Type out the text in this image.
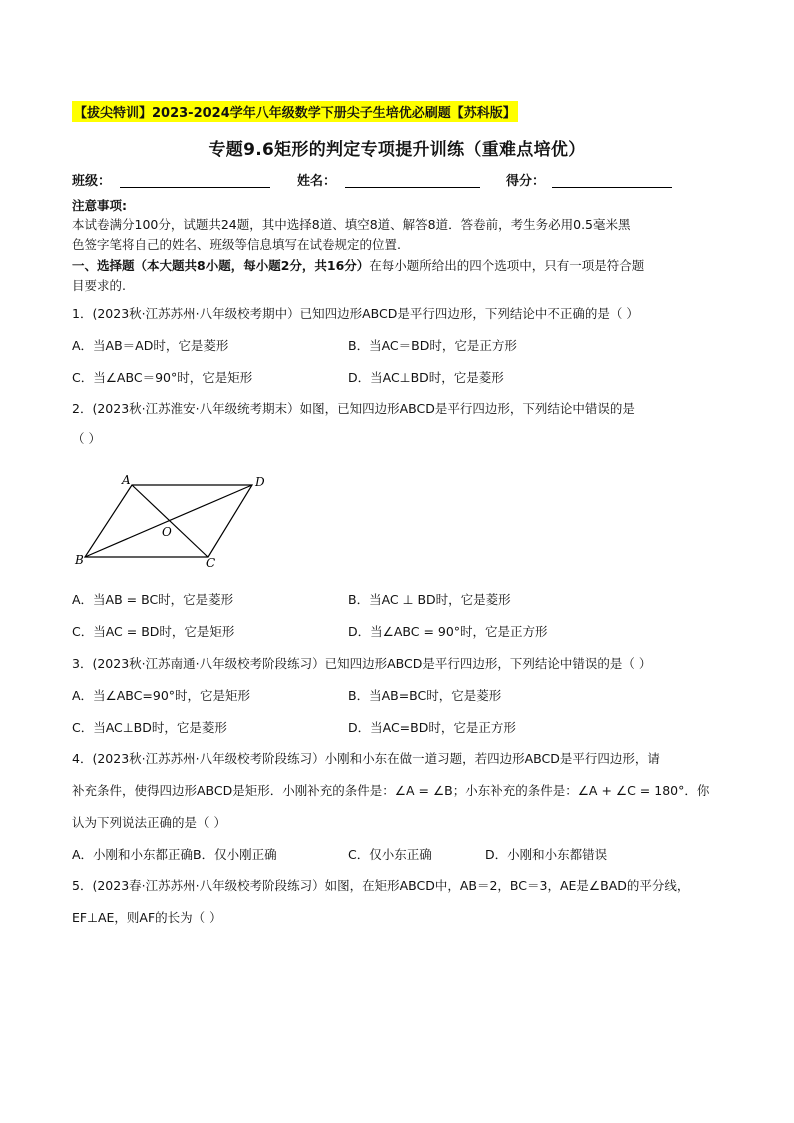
【拔尖特训】2023-2024学年八年级数学下册尖子生培优必刷题【苏科版】
专题9.6矩形的判定专项提升训练（重难点培优）
班级：	姓名：	得分：
注意事项:
本试卷满分100分，试题共24题，其中选择8道、填空8道、解答8道．答卷前，考生务必用0.5毫米黑
色签字笔将自己的姓名、班级等信息填写在试卷规定的位置.
一、选择题（本大题共8小题，每小题2分，共16分）在每小题所给出的四个选项中，只有一项是符合题
目要求的.
1．(2023秋·江苏苏州·八年级校考期中）已知四边形ABCD是平行四边形，下列结论中不正确的是（ ）
A．当AB＝AD时，它是菱形	B．当AC＝BD时，它是正方形
C．当∠ABC＝90°时，它是矩形	D．当AC⊥BD时，它是菱形
2．(2023秋·江苏淮安·八年级统考期末）如图，已知四边形ABCD是平行四边形，下列结论中错误的是
（ ）
A	D
O
B	C
A．当AB = BC时，它是菱形	B．当AC ⊥ BD时，它是菱形
C．当AC = BD时，它是矩形	D．当∠ABC = 90°时，它是正方形
3．(2023秋·江苏南通·八年级校考阶段练习）已知四边形ABCD是平行四边形，下列结论中错误的是（ ）
A．当∠ABC=90°时，它是矩形	B．当AB=BC时，它是菱形
C．当AC⊥BD时，它是菱形	D．当AC=BD时，它是正方形
4．(2023秋·江苏苏州·八年级校考阶段练习）小刚和小东在做一道习题，若四边形ABCD是平行四边形，请
补充条件，使得四边形ABCD是矩形．小刚补充的条件是：∠A = ∠B；小东补充的条件是：∠A + ∠C = 180°．你
认为下列说法正确的是（ ）
A．小刚和小东都正确B．仅小刚正确	C．仅小东正确	D．小刚和小东都错误
5．(2023春·江苏苏州·八年级校考阶段练习）如图，在矩形ABCD中，AB＝2，BC＝3，AE是∠BAD的平分线，
EF⊥AE，则AF的长为（ ）
